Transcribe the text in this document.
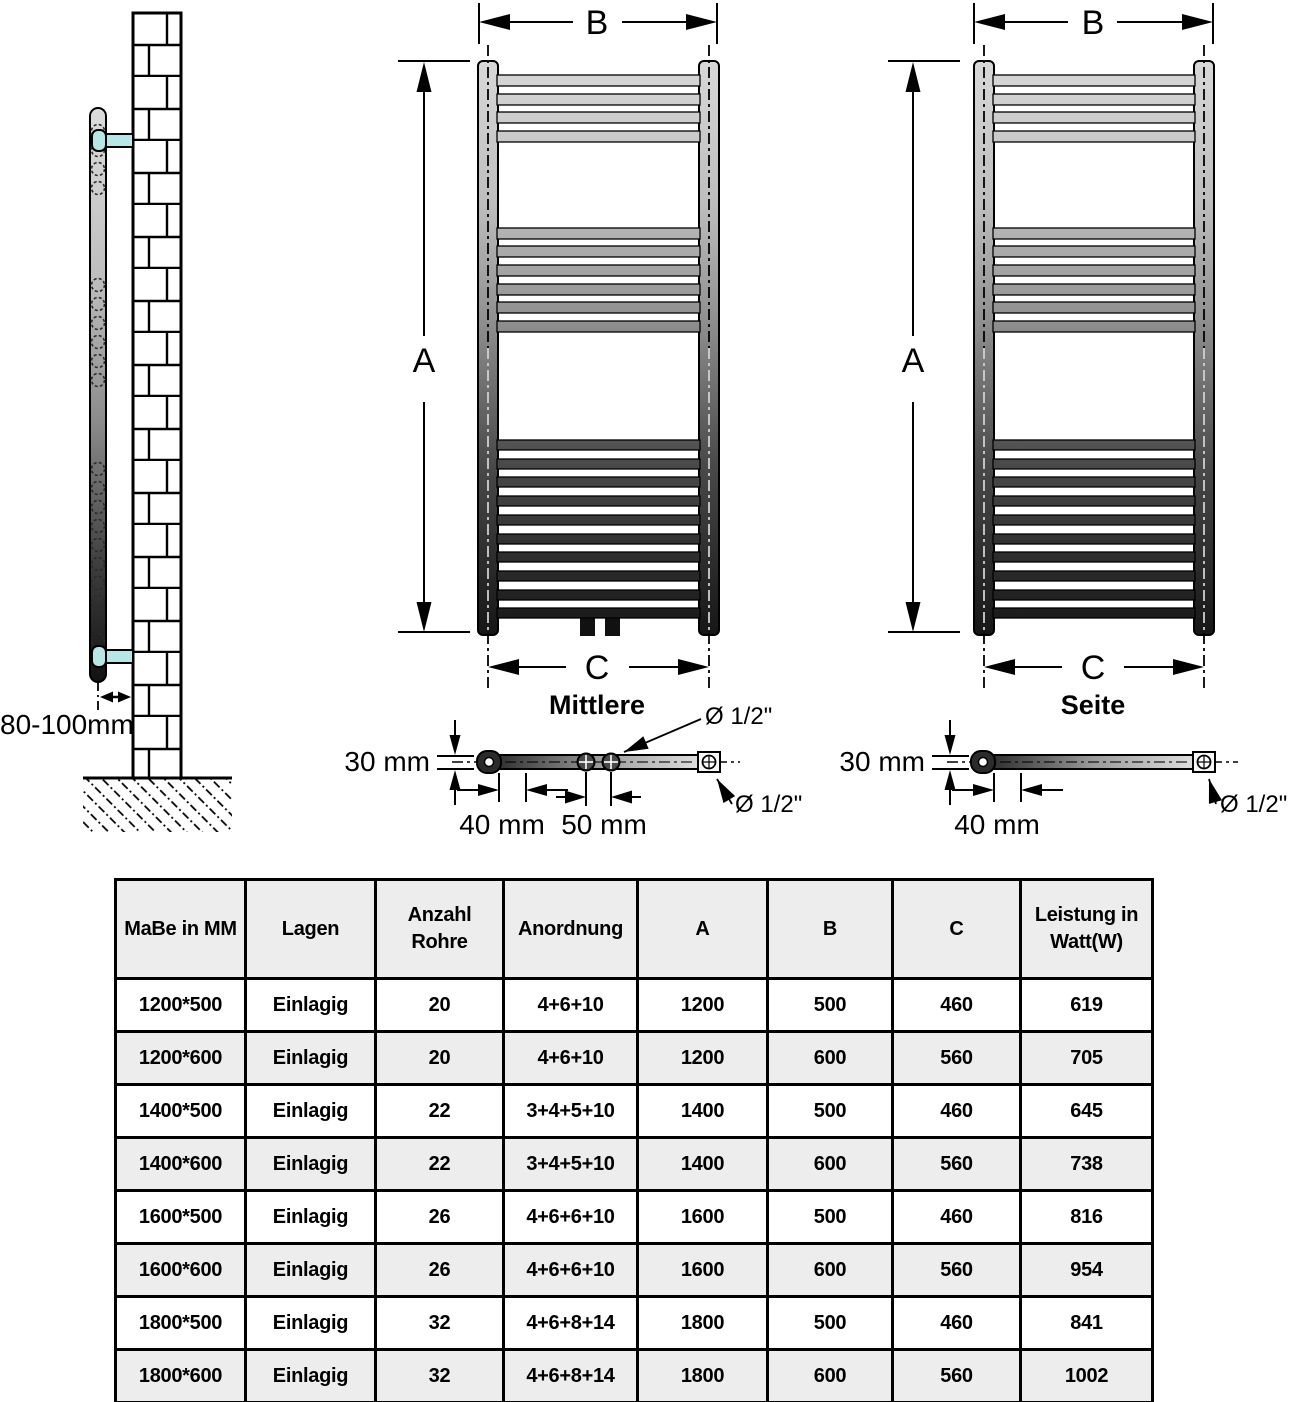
80-100mm
B
A
C
Mittlere
30 mm
40 mm 50 mm
Ø 1/2"
Ø 1/2"
B
A
C
Seite
30 mm
40 mm
Ø 1/2"
MaBe in MM	Lagen	Anzahl Rohre	Anordnung	A	B	C	Leistung in Watt(W)
1200*500	Einlagig	20	4+6+10	1200	500	460	619
1200*600	Einlagig	20	4+6+10	1200	600	560	705
1400*500	Einlagig	22	3+4+5+10	1400	500	460	645
1400*600	Einlagig	22	3+4+5+10	1400	600	560	738
1600*500	Einlagig	26	4+6+6+10	1600	500	460	816
1600*600	Einlagig	26	4+6+6+10	1600	600	560	954
1800*500	Einlagig	32	4+6+8+14	1800	500	460	841
1800*600	Einlagig	32	4+6+8+14	1800	600	560	1002
